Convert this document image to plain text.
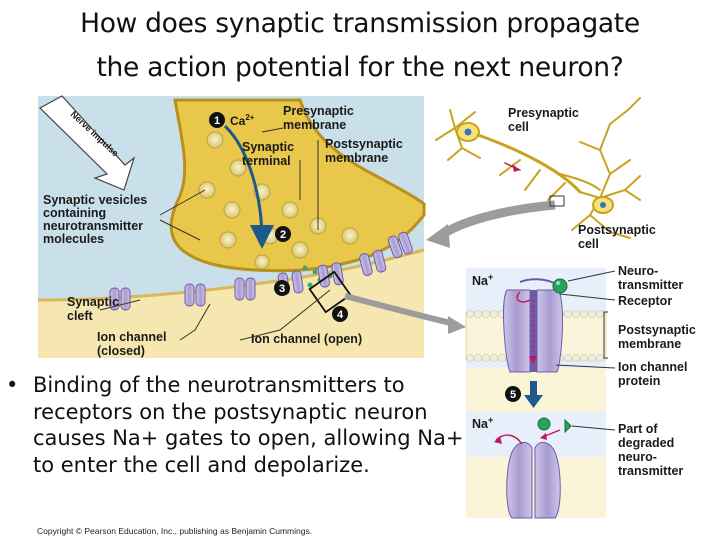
How does synaptic transmission propagate
the action potential for the next neuron?
Nerve impulse	1 $Ca^{2+}$
2
3
4
Presynaptic membrane
Synaptic terminal
Postsynaptic membrane
Synaptic vesicles containing neurotransmitter molecules
Synaptic cleft
Ion channel (closed)
Ion channel (open)
Presynaptic cell
Postsynaptic cell
5
Na+
Na+
Neuro- transmitter
Receptor
Postsynaptic membrane
Ion channel protein
Part of degraded neuro- transmitter
• Binding of the neurotransmitters to receptors on the postsynaptic neuron causes Na+ gates to open, allowing Na+ to enter the cell and depolarize.
Copyright © Pearson Education, Inc., publishing as Benjamin Cummings.
